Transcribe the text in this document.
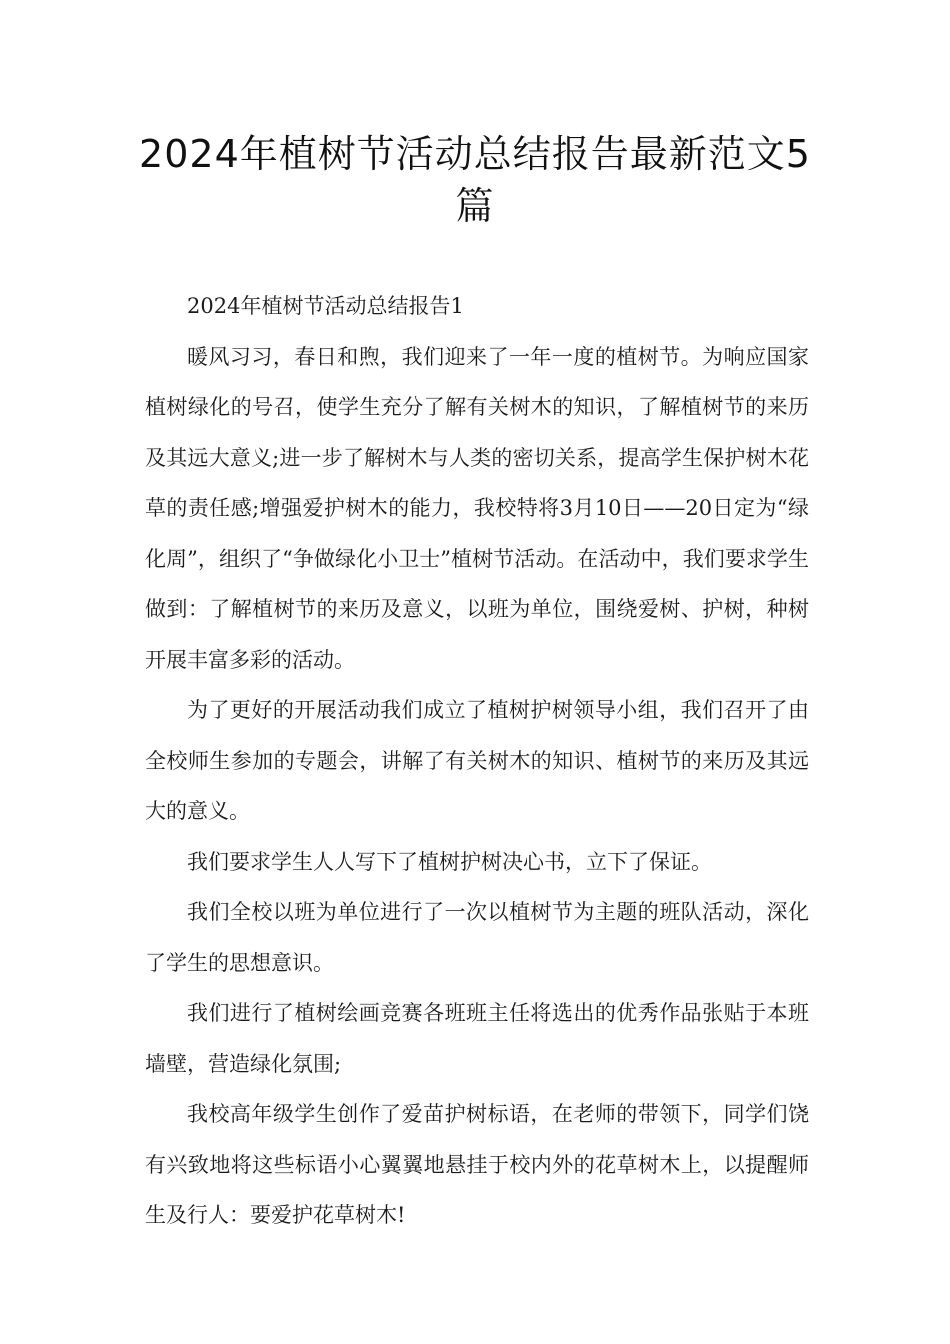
2024年植树节活动总结报告最新范文5篇

2024年植树节活动总结报告1

暖风习习，春日和煦，我们迎来了一年一度的植树节。为响应国家植树绿化的号召，使学生充分了解有关树木的知识，了解植树节的来历及其远大意义;进一步了解树木与人类的密切关系，提高学生保护树木花草的责任感;增强爱护树木的能力，我校特将3月10日——20日定为“绿化周”，组织了“争做绿化小卫士”植树节活动。在活动中，我们要求学生做到：了解植树节的来历及意义，以班为单位，围绕爱树、护树，种树开展丰富多彩的活动。

为了更好的开展活动我们成立了植树护树领导小组，我们召开了由全校师生参加的专题会，讲解了有关树木的知识、植树节的来历及其远大的意义。

我们要求学生人人写下了植树护树决心书，立下了保证。

我们全校以班为单位进行了一次以植树节为主题的班队活动，深化了学生的思想意识。

我们进行了植树绘画竞赛各班班主任将选出的优秀作品张贴于本班墙壁，营造绿化氛围;

我校高年级学生创作了爱苗护树标语，在老师的带领下，同学们饶有兴致地将这些标语小心翼翼地悬挂于校内外的花草树木上，以提醒师生及行人：要爱护花草树木!
